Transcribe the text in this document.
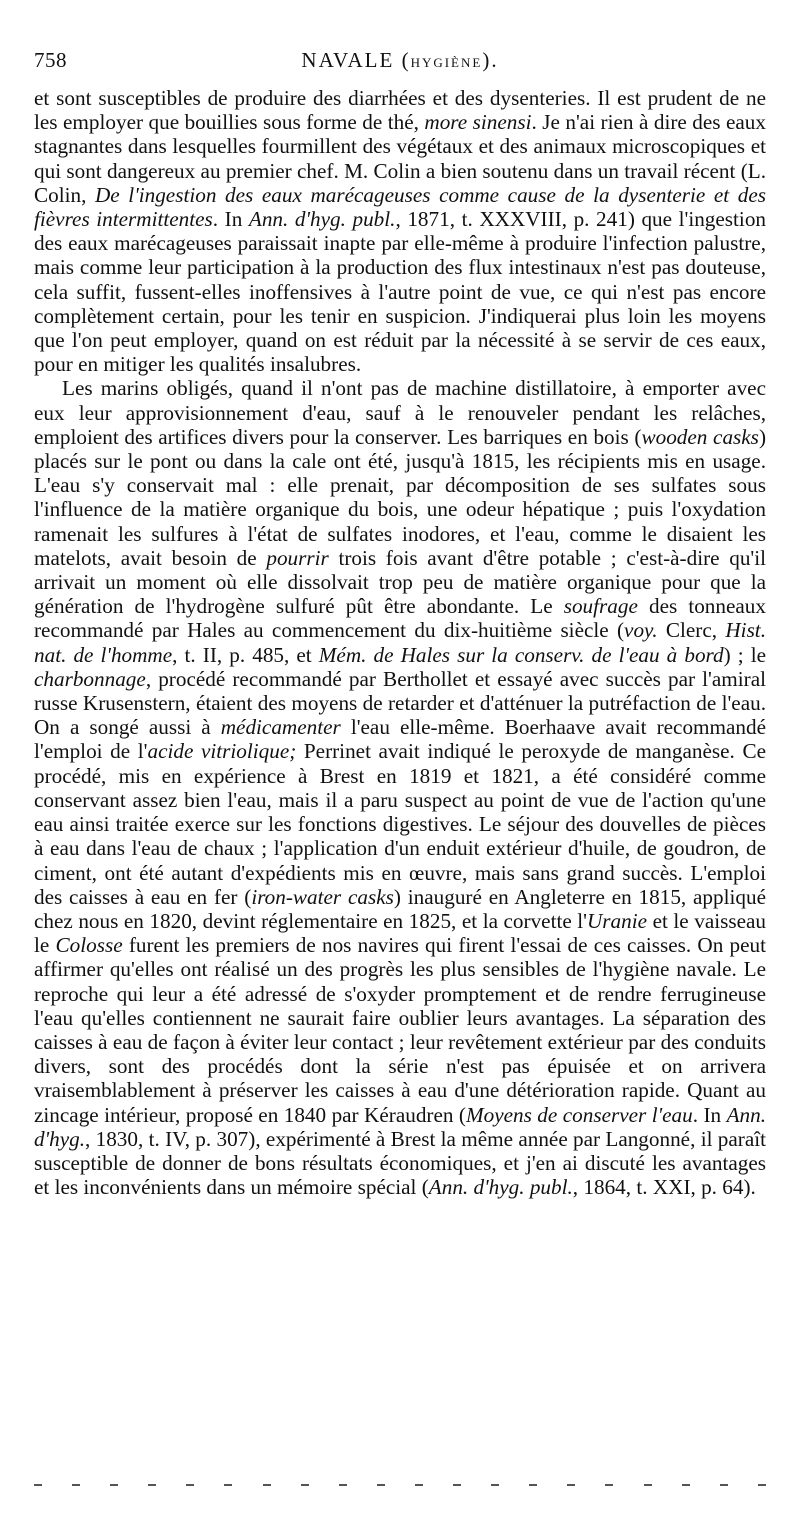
758	NAVALE (HYGIÈNE).

et sont susceptibles de produire des diarrhées et des dysenteries. Il est prudent de ne les employer que bouillies sous forme de thé, more sinensi. Je n'ai rien à dire des eaux stagnantes dans lesquelles fourmillent des végétaux et des animaux microscopiques et qui sont dangereux au premier chef. M. Colin a bien soutenu dans un travail récent (L. Colin, De l'ingestion des eaux marécageuses comme cause de la dysenterie et des fièvres intermittentes. In Ann. d'hyg. publ., 1871, t. XXXVIII, p. 241) que l'ingestion des eaux marécageuses paraissait inapte par elle-même à produire l'infection palustre, mais comme leur participation à la production des flux intestinaux n'est pas douteuse, cela suffit, fussent-elles inoffensives à l'autre point de vue, ce qui n'est pas encore complètement certain, pour les tenir en suspicion. J'indiquerai plus loin les moyens que l'on peut employer, quand on est réduit par la nécessité à se servir de ces eaux, pour en mitiger les qualités insalubres.

Les marins obligés, quand il n'ont pas de machine distillatoire, à emporter avec eux leur approvisionnement d'eau, sauf à le renouveler pendant les relâches, emploient des artifices divers pour la conserver. Les barriques en bois (wooden casks) placés sur le pont ou dans la cale ont été, jusqu'à 1815, les récipients mis en usage. L'eau s'y conservait mal : elle prenait, par décomposition de ses sulfates sous l'influence de la matière organique du bois, une odeur hépatique ; puis l'oxydation ramenait les sulfures à l'état de sulfates inodores, et l'eau, comme le disaient les matelots, avait besoin de pourrir trois fois avant d'être potable ; c'est-à-dire qu'il arrivait un moment où elle dissolvait trop peu de matière organique pour que la génération de l'hydrogène sulfuré pût être abondante. Le soufrage des tonneaux recommandé par Hales au commencement du dix-huitième siècle (voy. Clerc, Hist. nat. de l'homme, t. II, p. 485, et Mém. de Hales sur la conserv. de l'eau à bord) ; le charbonnage, procédé recommandé par Berthollet et essayé avec succès par l'amiral russe Krusenstern, étaient des moyens de retarder et d'atténuer la putréfaction de l'eau. On a songé aussi à médicamenter l'eau elle-même. Boerhaave avait recommandé l'emploi de l'acide vitriolique; Perrinet avait indiqué le peroxyde de manganèse. Ce procédé, mis en expérience à Brest en 1819 et 1821, a été considéré comme conservant assez bien l'eau, mais il a paru suspect au point de vue de l'action qu'une eau ainsi traitée exerce sur les fonctions digestives. Le séjour des douvelles de pièces à eau dans l'eau de chaux ; l'application d'un enduit extérieur d'huile, de goudron, de ciment, ont été autant d'expédients mis en œuvre, mais sans grand succès. L'emploi des caisses à eau en fer (iron-water casks) inauguré en Angleterre en 1815, appliqué chez nous en 1820, devint réglementaire en 1825, et la corvette l'Uranie et le vaisseau le Colosse furent les premiers de nos navires qui firent l'essai de ces caisses. On peut affirmer qu'elles ont réalisé un des progrès les plus sensibles de l'hygiène navale. Le reproche qui leur a été adressé de s'oxyder promptement et de rendre ferrugineuse l'eau qu'elles contiennent ne saurait faire oublier leurs avantages. La séparation des caisses à eau de façon à éviter leur contact ; leur revêtement extérieur par des conduits divers, sont des procédés dont la série n'est pas épuisée et on arrivera vraisemblablement à préserver les caisses à eau d'une détérioration rapide. Quant au zincage intérieur, proposé en 1840 par Kéraudren (Moyens de conserver l'eau. In Ann. d'hyg., 1830, t. IV, p. 307), expérimenté à Brest la même année par Langonné, il paraît susceptible de donner de bons résultats économiques, et j'en ai discuté les avantages et les inconvénients dans un mémoire spécial (Ann. d'hyg. publ., 1864, t. XXI, p. 64).
